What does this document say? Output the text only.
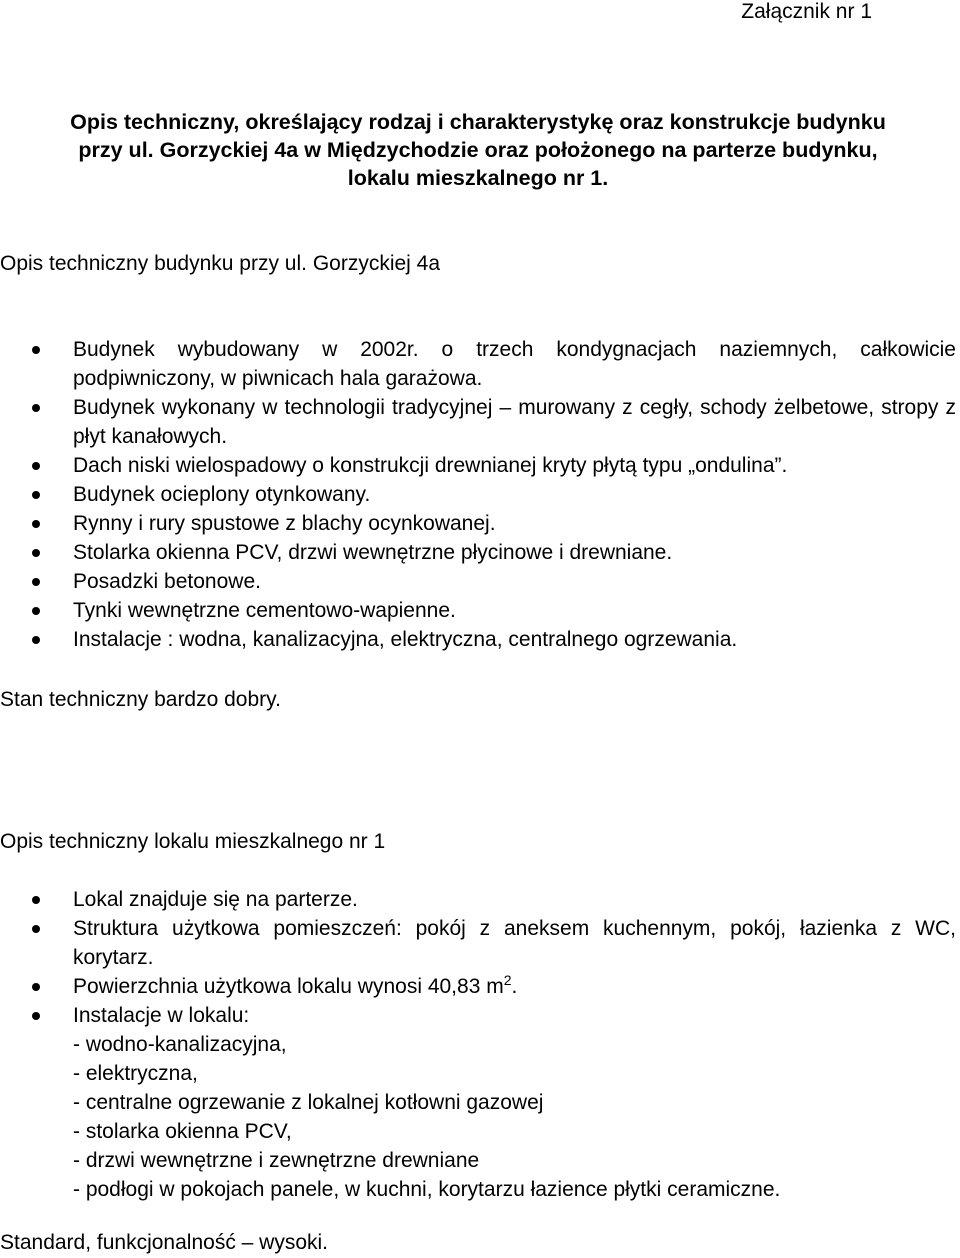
Załącznik nr 1
Opis techniczny, określający rodzaj i charakterystykę oraz konstrukcje budynku
przy ul. Gorzyckiej 4a w Międzychodzie oraz położonego na parterze budynku,
lokalu mieszkalnego nr 1.
Opis techniczny budynku przy ul. Gorzyckiej 4a
Budynek wybudowany w 2002r. o trzech kondygnacjach naziemnych, całkowicie podpiwniczony, w piwnicach hala garażowa.
Budynek wykonany w technologii tradycyjnej – murowany z cegły, schody żelbetowe, stropy z płyt kanałowych.
Dach niski wielospadowy o konstrukcji drewnianej kryty płytą typu „ondulina”.
Budynek ocieplony otynkowany.
Rynny i rury spustowe z blachy ocynkowanej.
Stolarka okienna PCV, drzwi wewnętrzne płycinowe i drewniane.
Posadzki betonowe.
Tynki wewnętrzne cementowo-wapienne.
Instalacje : wodna, kanalizacyjna, elektryczna, centralnego ogrzewania.
Stan techniczny bardzo dobry.
Opis techniczny lokalu mieszkalnego nr 1
Lokal znajduje się na parterze.
Struktura użytkowa pomieszczeń: pokój z aneksem kuchennym, pokój, łazienka z WC, korytarz.
Powierzchnia użytkowa lokalu wynosi 40,83 $m^2$.
Instalacje w lokalu:
- wodno-kanalizacyjna,
- elektryczna,
- centralne ogrzewanie z lokalnej kotłowni gazowej
- stolarka okienna PCV,
- drzwi wewnętrzne i zewnętrzne drewniane
- podłogi w pokojach panele, w kuchni, korytarzu łazience płytki ceramiczne.
Standard, funkcjonalność – wysoki.
